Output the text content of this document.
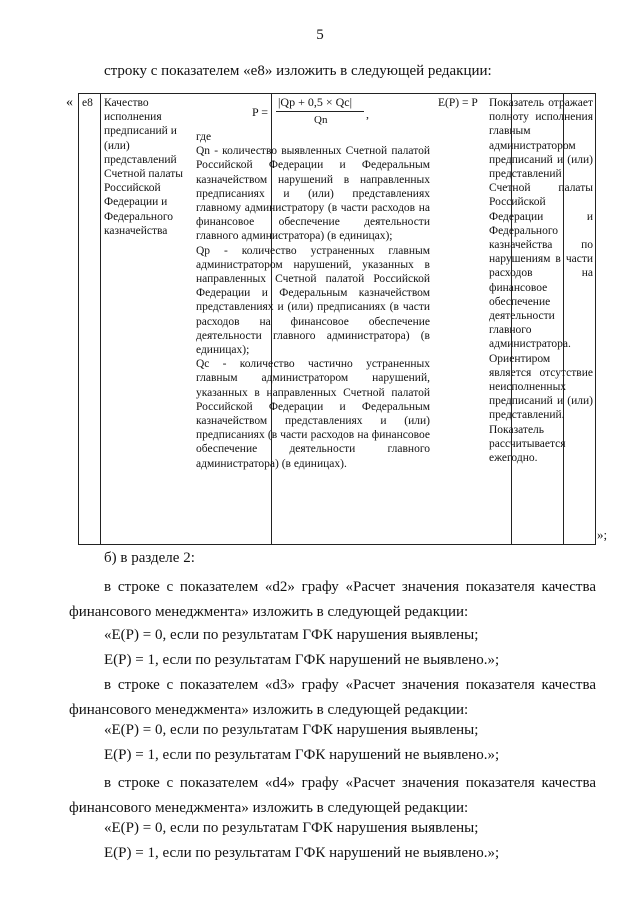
5
строку с показателем «е8» изложить в следующей редакции:
«
»;
е8 Качество исполнения предписаний и (или) представлений Счетной палаты Российской Федерации и Федерального казначейства
P =
|Qp + 0,5 × Qc|
Qn	,

где

Qn - количество выявленных Счетной палатой Российской Федерации и Федеральным казначейством нарушений в направленных предписаниях и (или) представлениях главному администратору (в части расходов на финансовое обеспечение деятельности главного администратора) (в единицах);

Qp - количество устраненных главным администратором нарушений, указанных в направленных Счетной палатой Российской Федерации и Федеральным казначейством представлениях и (или) предписаниях (в части расходов на финансовое обеспечение деятельности главного администратора) (в единицах);

Qc - количество частично устраненных главным администратором нарушений, указанных в направленных Счетной палатой Российской Федерации и Федеральным казначейством представлениях и (или) предписаниях (в части расходов на финансовое обеспечение деятельности главного администратора) (в единицах).

E(P) = P Показатель отражает полноту исполнения главным администратором предписаний и (или) представлений Счетной палаты Российской Федерации и Федерального казначейства по нарушениям в части расходов на финансовое обеспечение деятельности главного администратора. Ориентиром является отсутствие неисполненных предписаний и (или) представлений. Показатель рассчитывается ежегодно.
б) в разделе 2:
в строке с показателем «d2» графу «Расчет значения показателя качества финансового менеджмента» изложить в следующей редакции:
«E(P) = 0, если по результатам ГФК нарушения выявлены;
E(P) = 1, если по результатам ГФК нарушений не выявлено.»;
в строке с показателем «d3» графу «Расчет значения показателя качества финансового менеджмента» изложить в следующей редакции:
«E(P) = 0, если по результатам ГФК нарушения выявлены;
E(P) = 1, если по результатам ГФК нарушений не выявлено.»;
в строке с показателем «d4» графу «Расчет значения показателя качества финансового менеджмента» изложить в следующей редакции:
«E(P) = 0, если по результатам ГФК нарушения выявлены;
E(P) = 1, если по результатам ГФК нарушений не выявлено.»;
